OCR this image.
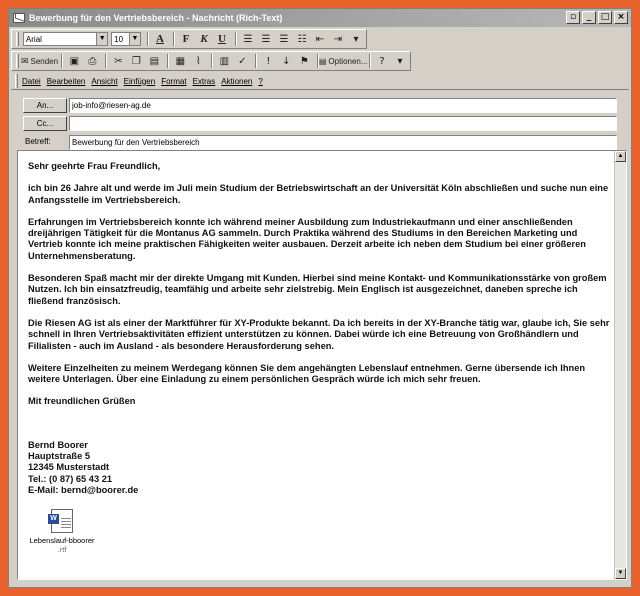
Bewerbung für den Vertriebsbereich - Nachricht (Rich-Text)	▫	_	□ ×
Arial	▼ 10	▼	A	F K U	☰ ☰ ☰ ☷ ⇤ ⇥	▾
✉ Senden	▣ ⎙	✂ ❐ ▤	▦	⌇	▥ ✓	!	↓ ⚑	▤ Optionen...	?	▾
Datei Bearbeiten Ansicht Einfügen Format Extras Aktionen ?
An...	job-info@riesen-ag.de
Cc...
Betreff:	Bewerbung für den Vertriebsbereich

Sehr geehrte Frau Freundlich,

ich bin 26 Jahre alt und werde im Juli mein Studium der Betriebswirtschaft an der Universität Köln abschließen und suche nun eine Anfangsstelle im Vertriebsbereich.

Erfahrungen im Vertriebsbereich konnte ich während meiner Ausbildung zum Industriekaufmann und einer anschließenden dreijährigen Tätigkeit für die Montanus AG sammeln. Durch Praktika während des Studiums in den Bereichen Marketing und Vertrieb konnte ich meine praktischen Fähigkeiten weiter ausbauen. Derzeit arbeite ich neben dem Studium bei einer größeren Unternehmensberatung.

Besonderen Spaß macht mir der direkte Umgang mit Kunden. Hierbei sind meine Kontakt- und Kommunikationsstärke von großem Nutzen. Ich bin einsatzfreudig, teamfähig und arbeite sehr zielstrebig. Mein Englisch ist ausgezeichnet, daneben spreche ich fließend französisch.

Die Riesen AG ist als einer der Marktführer für XY-Produkte bekannt. Da ich bereits in der XY-Branche tätig war, glaube ich, Sie sehr schnell in Ihren Vertriebsaktivitäten effizient unterstützen zu können. Dabei würde ich eine Betreuung von Großhändlern und Filialisten - auch im Ausland - als besondere Herausforderung sehen.

Weitere Einzelheiten zu meinem Werdegang können Sie dem angehängten Lebenslauf entnehmen. Gerne übersende ich Ihnen weitere Unterlagen. Über eine Einladung zu einem persönlichen Gespräch würde ich mich sehr freuen.

Mit freundlichen Grüßen

Bernd Boorer
Hauptstraße 5
12345 Musterstadt
Tel.: (0 87) 65 43 21
E-Mail: bernd@boorer.de
W
Lebenslauf-bboorer
.rtf
▲
▼
